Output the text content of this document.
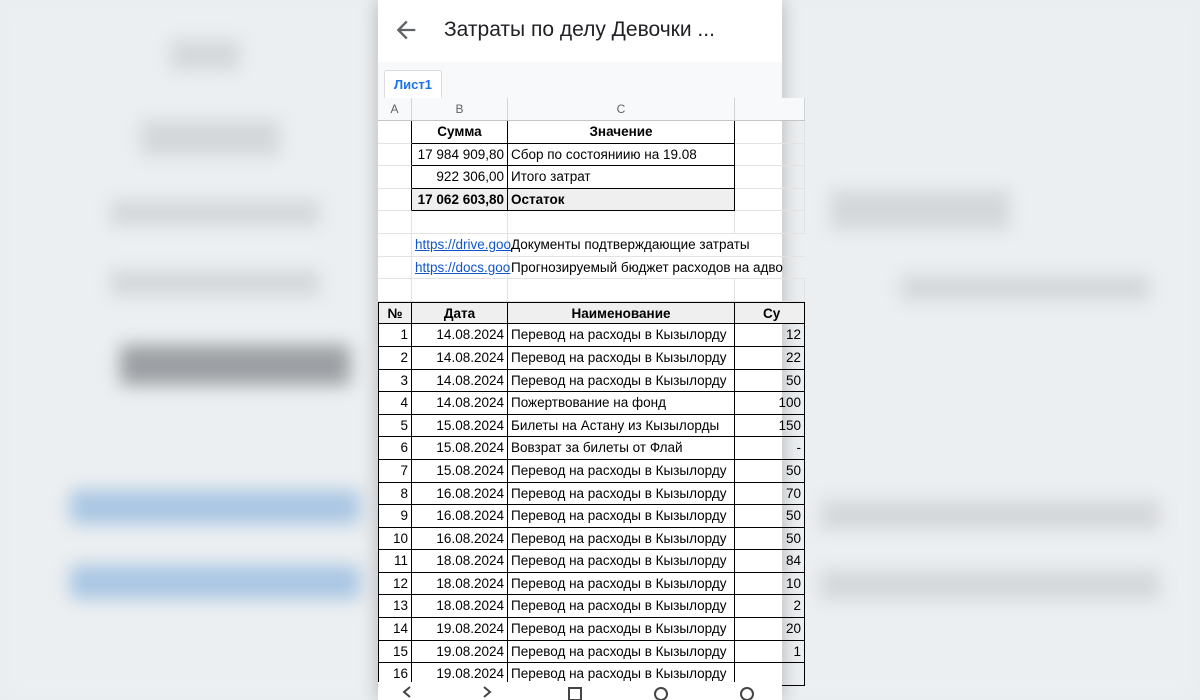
Затраты по делу Девочки ...
Лист1
A	B	C
Сумма	Значение
17 984 909,80 Сбор по состояниию на 19.08
922 306,00 Итого затрат
17 062 603,80 Остаток
https://drive.goo Документы подтверждающие затраты
https://docs.goo Прогнозируемый бюджет расходов на адво
№	Дата	Наименование	Су
1	14.08.2024 Перевод на расходы в Кызылорду	12
2	14.08.2024 Перевод на расходы в Кызылорду	22
3	14.08.2024 Перевод на расходы в Кызылорду	50
4	14.08.2024 Пожертвование на фонд	100
5	15.08.2024 Билеты на Астану из Кызылорды	150
6	15.08.2024 Вовзрат за билеты от Флай	-
7	15.08.2024 Перевод на расходы в Кызылорду	50
8	16.08.2024 Перевод на расходы в Кызылорду	70
9	16.08.2024 Перевод на расходы в Кызылорду	50
10	16.08.2024 Перевод на расходы в Кызылорду	50
11	18.08.2024 Перевод на расходы в Кызылорду	84
12	18.08.2024 Перевод на расходы в Кызылорду	10
13	18.08.2024 Перевод на расходы в Кызылорду	2
14	19.08.2024 Перевод на расходы в Кызылорду	20
15	19.08.2024 Перевод на расходы в Кызылорду	1
16	19.08.2024 Перевод на расходы в Кызылорду
